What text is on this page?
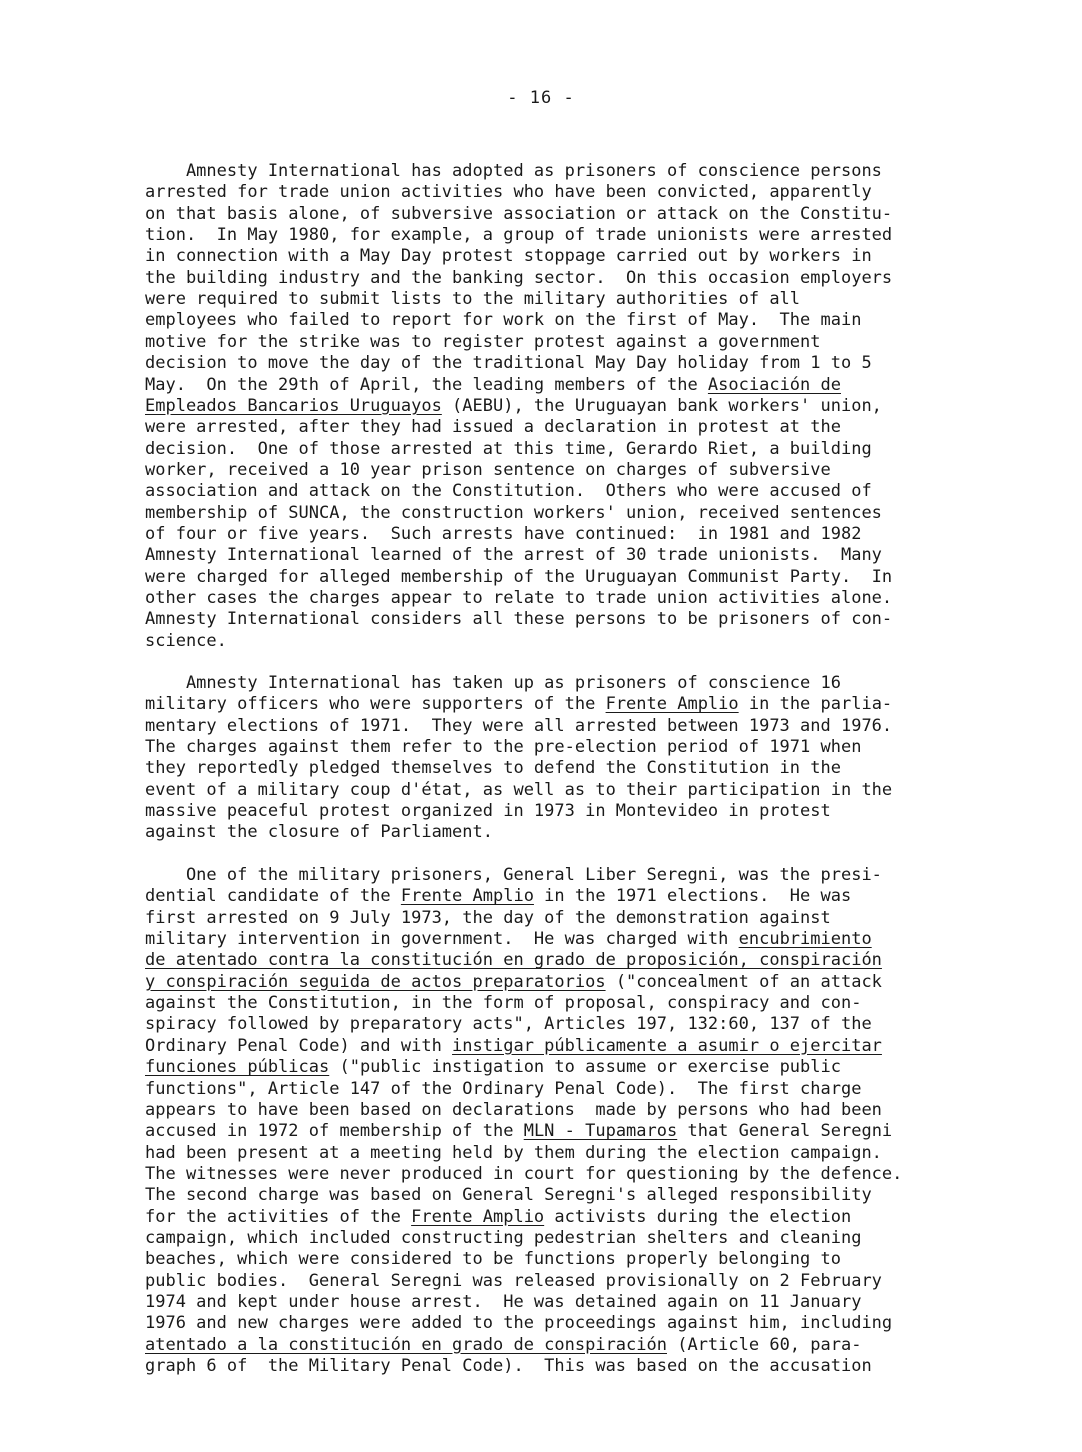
- 16 -
Amnesty International has adopted as prisoners of conscience persons
arrested for trade union activities who have been convicted, apparently
on that basis alone, of subversive association or attack on the Constitu-
tion.  In May 1980, for example, a group of trade unionists were arrested
in connection with a May Day protest stoppage carried out by workers in
the building industry and the banking sector.  On this occasion employers
were required to submit lists to the military authorities of all
employees who failed to report for work on the first of May.  The main
motive for the strike was to register protest against a government
decision to move the day of the traditional May Day holiday from 1 to 5
May.  On the 29th of April, the leading members of the Asociación de
Empleados Bancarios Uruguayos (AEBU), the Uruguayan bank workers' union,
were arrested, after they had issued a declaration in protest at the
decision.  One of those arrested at this time, Gerardo Riet, a building
worker, received a 10 year prison sentence on charges of subversive
association and attack on the Constitution.  Others who were accused of
membership of SUNCA, the construction workers' union, received sentences
of four or five years.  Such arrests have continued:  in 1981 and 1982
Amnesty International learned of the arrest of 30 trade unionists.  Many
were charged for alleged membership of the Uruguayan Communist Party.  In
other cases the charges appear to relate to trade union activities alone.
Amnesty International considers all these persons to be prisoners of con-
science.
Amnesty International has taken up as prisoners of conscience 16
military officers who were supporters of the Frente Amplio in the parlia-
mentary elections of 1971.  They were all arrested between 1973 and 1976.
The charges against them refer to the pre-election period of 1971 when
they reportedly pledged themselves to defend the Constitution in the
event of a military coup d'état, as well as to their participation in the
massive peaceful protest organized in 1973 in Montevideo in protest
against the closure of Parliament.
One of the military prisoners, General Liber Seregni, was the presi-
dential candidate of the Frente Amplio in the 1971 elections.  He was
first arrested on 9 July 1973, the day of the demonstration against
military intervention in government.  He was charged with encubrimiento
de atentado contra la constitución en grado de proposición, conspiración
y conspiración seguida de actos preparatorios ("concealment of an attack
against the Constitution, in the form of proposal, conspiracy and con-
spiracy followed by preparatory acts", Articles 197, 132:60, 137 of the
Ordinary Penal Code) and with instigar públicamente a asumir o ejercitar
funciones públicas ("public instigation to assume or exercise public
functions", Article 147 of the Ordinary Penal Code).  The first charge
appears to have been based on declarations  made by persons who had been
accused in 1972 of membership of the MLN - Tupamaros that General Seregni
had been present at a meeting held by them during the election campaign.
The witnesses were never produced in court for questioning by the defence.
The second charge was based on General Seregni's alleged responsibility
for the activities of the Frente Amplio activists during the election
campaign, which included constructing pedestrian shelters and cleaning
beaches, which were considered to be functions properly belonging to
public bodies.  General Seregni was released provisionally on 2 February
1974 and kept under house arrest.  He was detained again on 11 January
1976 and new charges were added to the proceedings against him, including
atentado a la constitución en grado de conspiración (Article 60, para-
graph 6 of  the Military Penal Code).  This was based on the accusation
